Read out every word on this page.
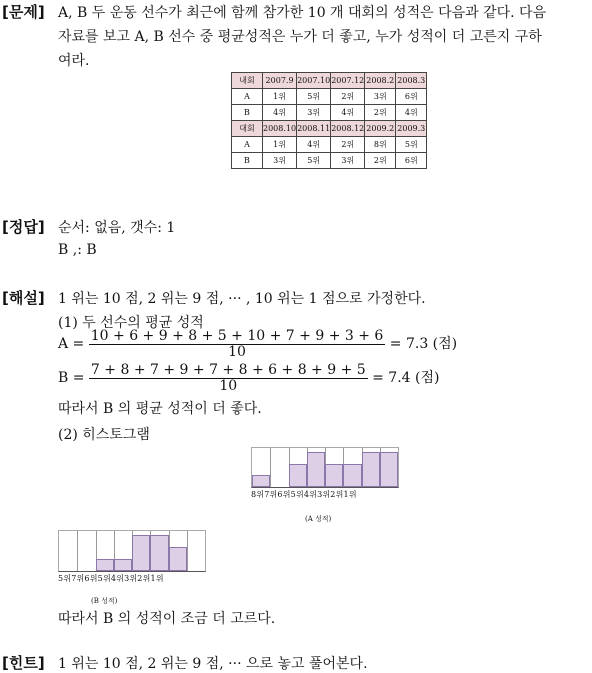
[문제] A, B 두 운동 선수가 최근에 함께 참가한 10 개 대회의 성적은 다음과 같다. 다음
자료를 보고 A, B 선수 중 평균성적은 누가 더 좋고, 누가 성적이 더 고른지 구하
여라.
내회	2007.9	2007.10	2007.12	2008.2	2008.3
A	1위	5위	2위	3위	6위
B	4위	3위	4위	2위	4위
대회	2008.10	2008.11	2008.12	2009.2	2009.3
A	1위	4위	2위	8위	5위
B	3위	5위	3위	2위	6위
[정답] 순서: 없음, 갯수: 1
B ,: B
[해설] 1 위는 10 점, 2 위는 9 점, ··· , 10 위는 1 점으로 가정한다.
(1) 두 선수의 평균 성적
$A = \frac{10 + 6 + 9 + 8 + 5 + 10 + 7 + 9 + 3 + 6}{10} = 7.3$ (점)
$B = \frac{7 + 8 + 7 + 9 + 7 + 8 + 6 + 8 + 9 + 5}{10} = 7.4$ (점)
따라서 B 의 평균 성적이 더 좋다.
(2) 히스토그램
8위7위6위5위4위3위2위1위
(A 성적)
5위7위6위5위4위3위2위1위
(B 성적)
따라서 B 의 성적이 조금 더 고르다.
[힌트] 1 위는 10 점, 2 위는 9 점, ··· 으로 놓고 풀어본다.
